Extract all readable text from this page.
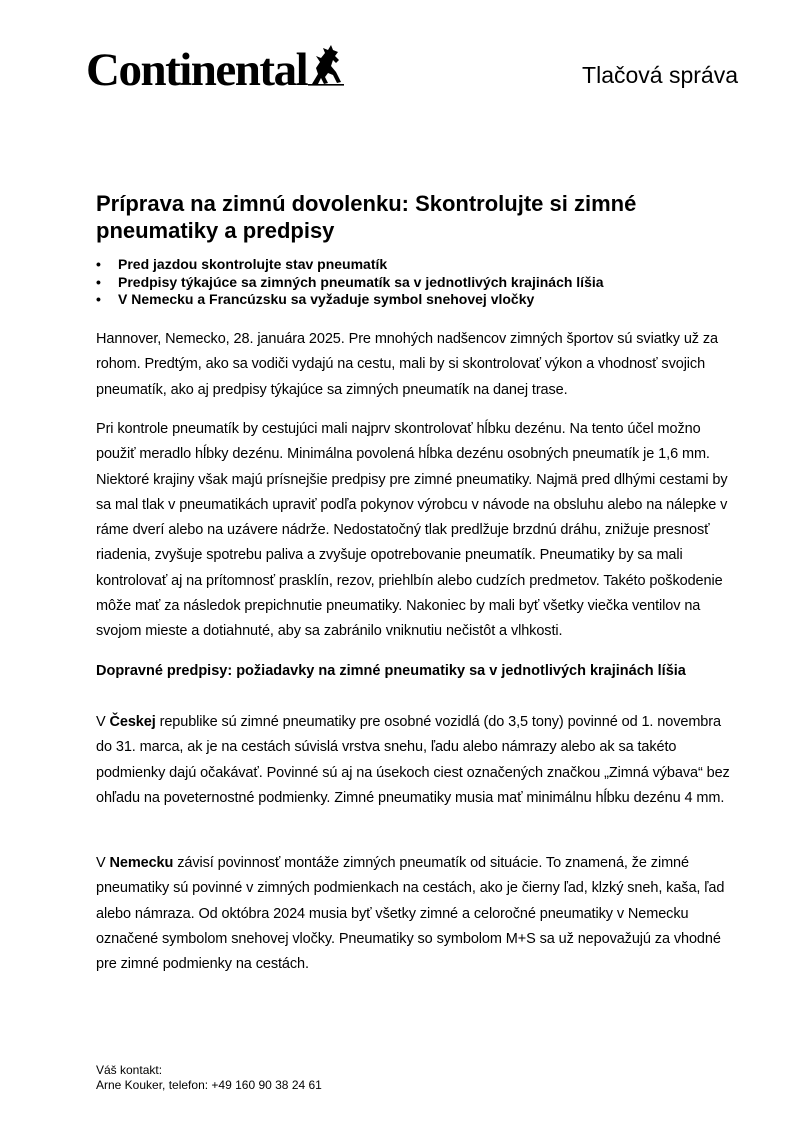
Continental	Tlačová správa
Príprava na zimnú dovolenku: Skontrolujte si zimné pneumatiky a predpisy
• Pred jazdou skontrolujte stav pneumatík
• Predpisy týkajúce sa zimných pneumatík sa v jednotlivých krajinách líšia
• V Nemecku a Francúzsku sa vyžaduje symbol snehovej vločky

Hannover, Nemecko, 28. januára 2025. Pre mnohých nadšencov zimných športov sú sviatky už za rohom. Predtým, ako sa vodiči vydajú na cestu, mali by si skontrolovať výkon a vhodnosť svojich pneumatík, ako aj predpisy týkajúce sa zimných pneumatík na danej trase.

Pri kontrole pneumatík by cestujúci mali najprv skontrolovať hĺbku dezénu. Na tento účel možno použiť meradlo hĺbky dezénu. Minimálna povolená hĺbka dezénu osobných pneumatík je 1,6 mm. Niektoré krajiny však majú prísnejšie predpisy pre zimné pneumatiky. Najmä pred dlhými cestami by sa mal tlak v pneumatikách upraviť podľa pokynov výrobcu v návode na obsluhu alebo na nálepke v ráme dverí alebo na uzávere nádrže. Nedostatočný tlak predlžuje brzdnú dráhu, znižuje presnosť riadenia, zvyšuje spotrebu paliva a zvyšuje opotrebovanie pneumatík. Pneumatiky by sa mali kontrolovať aj na prítomnosť prasklín, rezov, priehlbín alebo cudzích predmetov. Takéto poškodenie môže mať za následok prepichnutie pneumatiky. Nakoniec by mali byť všetky viečka ventilov na svojom mieste a dotiahnuté, aby sa zabránilo vniknutiu nečistôt a vlhkosti.

Dopravné predpisy: požiadavky na zimné pneumatiky sa v jednotlivých krajinách líšia

V Českej republike sú zimné pneumatiky pre osobné vozidlá (do 3,5 tony) povinné od 1. novembra do 31. marca, ak je na cestách súvislá vrstva snehu, ľadu alebo námrazy alebo ak sa takéto podmienky dajú očakávať. Povinné sú aj na úsekoch ciest označených značkou „Zimná výbava“ bez ohľadu na poveternostné podmienky. Zimné pneumatiky musia mať minimálnu hĺbku dezénu 4 mm.

V Nemecku závisí povinnosť montáže zimných pneumatík od situácie. To znamená, že zimné pneumatiky sú povinné v zimných podmienkach na cestách, ako je čierny ľad, klzký sneh, kaša, ľad alebo námraza. Od októbra 2024 musia byť všetky zimné a celoročné pneumatiky v Nemecku označené symbolom snehovej vločky. Pneumatiky so symbolom M+S sa už nepovažujú za vhodné pre zimné podmienky na cestách.

Váš kontakt:
Arne Kouker, telefon: +49 160 90 38 24 61
